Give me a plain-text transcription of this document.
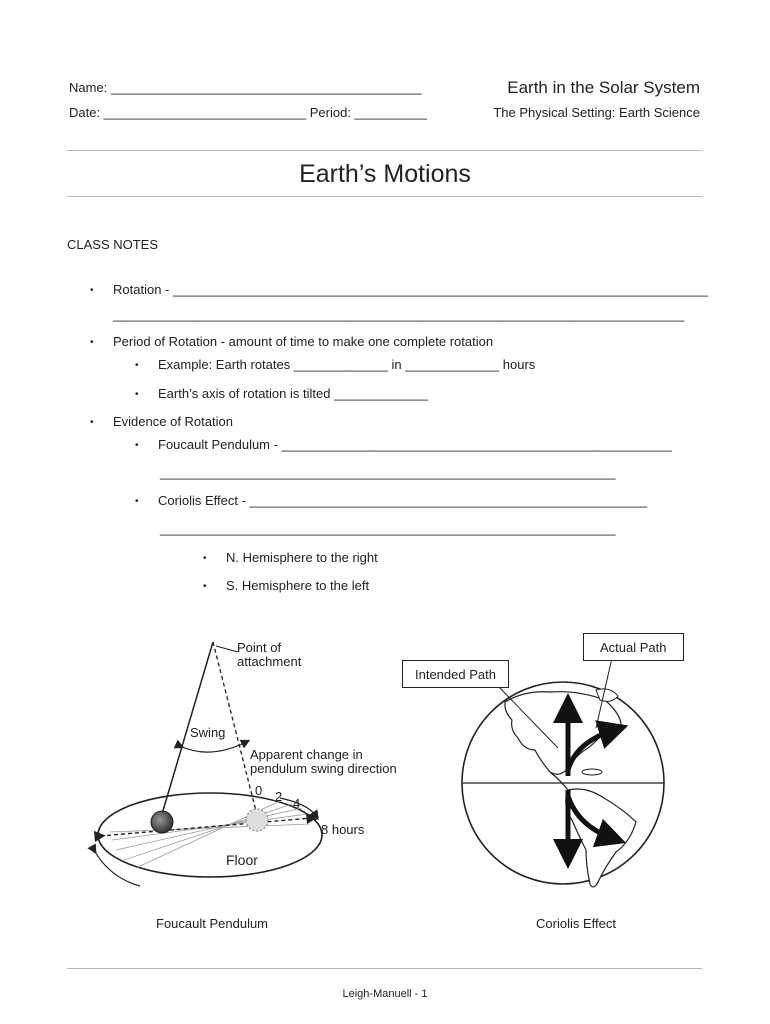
Name: ___________________________________________
Date: ____________________________ Period: __________
Earth in the Solar System
The Physical Setting: Earth Science
Earth’s Motions
CLASS NOTES
• Rotation - __________________________________________________________________________
_______________________________________________________________________________
• Period of Rotation - amount of time to make one complete rotation
• Example: Earth rotates _____________ in _____________ hours
• Earth’s axis of rotation is tilted _____________
• Evidence of Rotation
• Foucault Pendulum - ______________________________________________________
_______________________________________________________________
• Coriolis Effect - _______________________________________________________
_______________________________________________________________
• N. Hemisphere to the right
• S. Hemisphere to the left
Point of
attachment
Swing
Apparent change in
pendulum swing direction
0 2 4
6
8 hours
Floor
Foucault Pendulum
Actual Path
Intended Path
Coriolis Effect
Leigh-Manuell - 1
